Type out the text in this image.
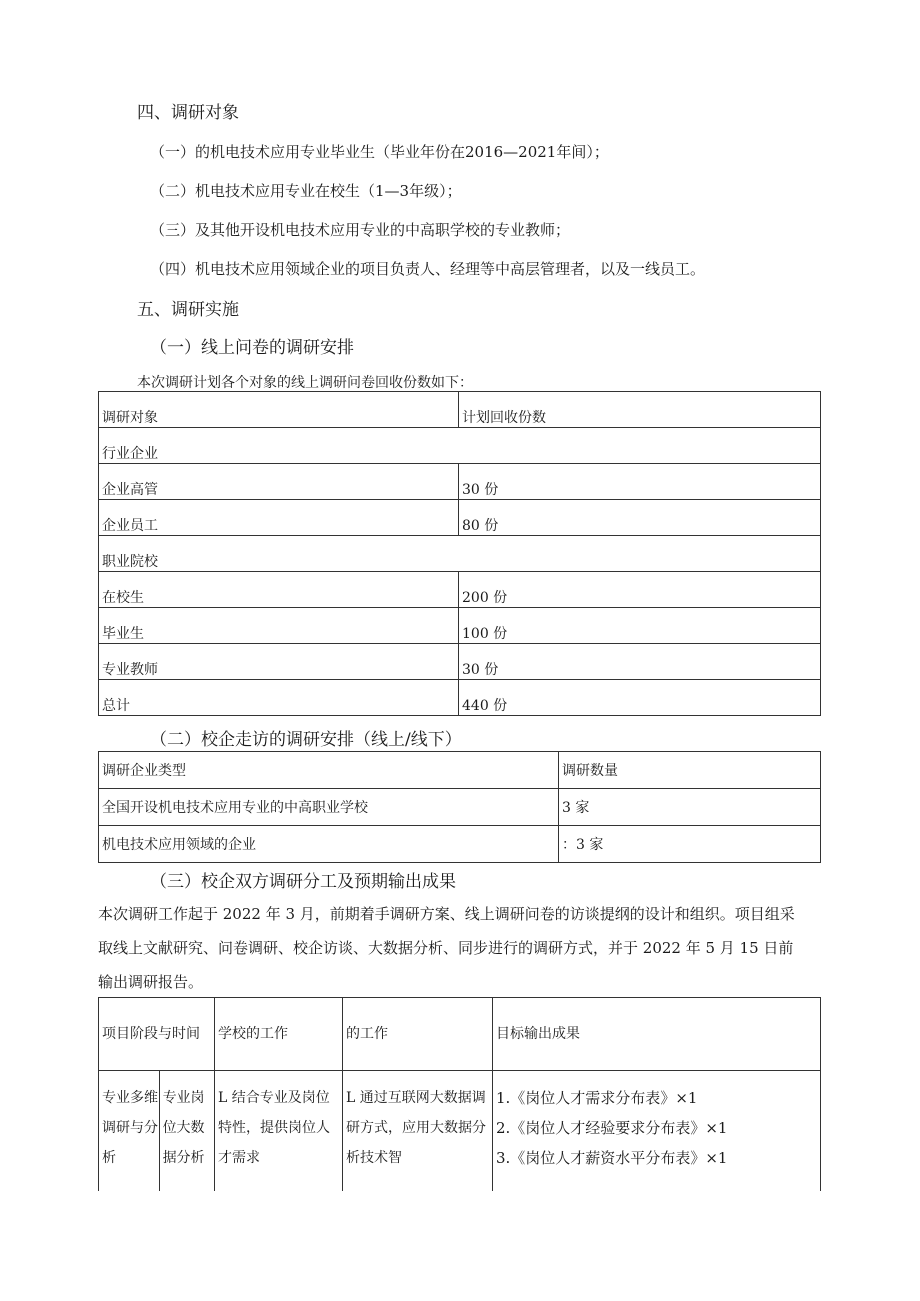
四、调研对象
（一）的机电技术应用专业毕业生（毕业年份在2016—2021年间）；
（二）机电技术应用专业在校生（1—3年级）；
（三）及其他开设机电技术应用专业的中高职学校的专业教师；
（四）机电技术应用领域企业的项目负责人、经理等中高层管理者，以及一线员工。
五、调研实施
（一）线上问卷的调研安排
本次调研计划各个对象的线上调研问卷回收份数如下：
调研对象	计划回收份数
行业企业	
企业高管	30 份
企业员工	80 份
职业院校	
在校生	200 份
毕业生	100 份
专业教师	30 份
总计	440 份
（二）校企走访的调研安排（线上/线下）
调研企业类型	调研数量
全国开设机电技术应用专业的中高职业学校	3 家
机电技术应用领域的企业	：3 家
（三）校企双方调研分工及预期输出成果
本次调研工作起于 2022 年 3 月，前期着手调研方案、线上调研问卷的访谈提纲的设计和组织。项目组采
取线上文献研究、问卷调研、校企访谈、大数据分析、同步进行的调研方式，并于 2022 年 5 月 15 日前
输出调研报告。
项目阶段与时间		学校的工作	的工作	目标输出成果
专业多维调研与分析	专业岗位大数据分析	L 结合专业及岗位特性，提供岗位人才需求	L 通过互联网大数据调研方式，应用大数据分析技术智	1.《岗位人才需求分布表》×1
2.《岗位人才经验要求分布表》×1
3.《岗位人才薪资水平分布表》×1
